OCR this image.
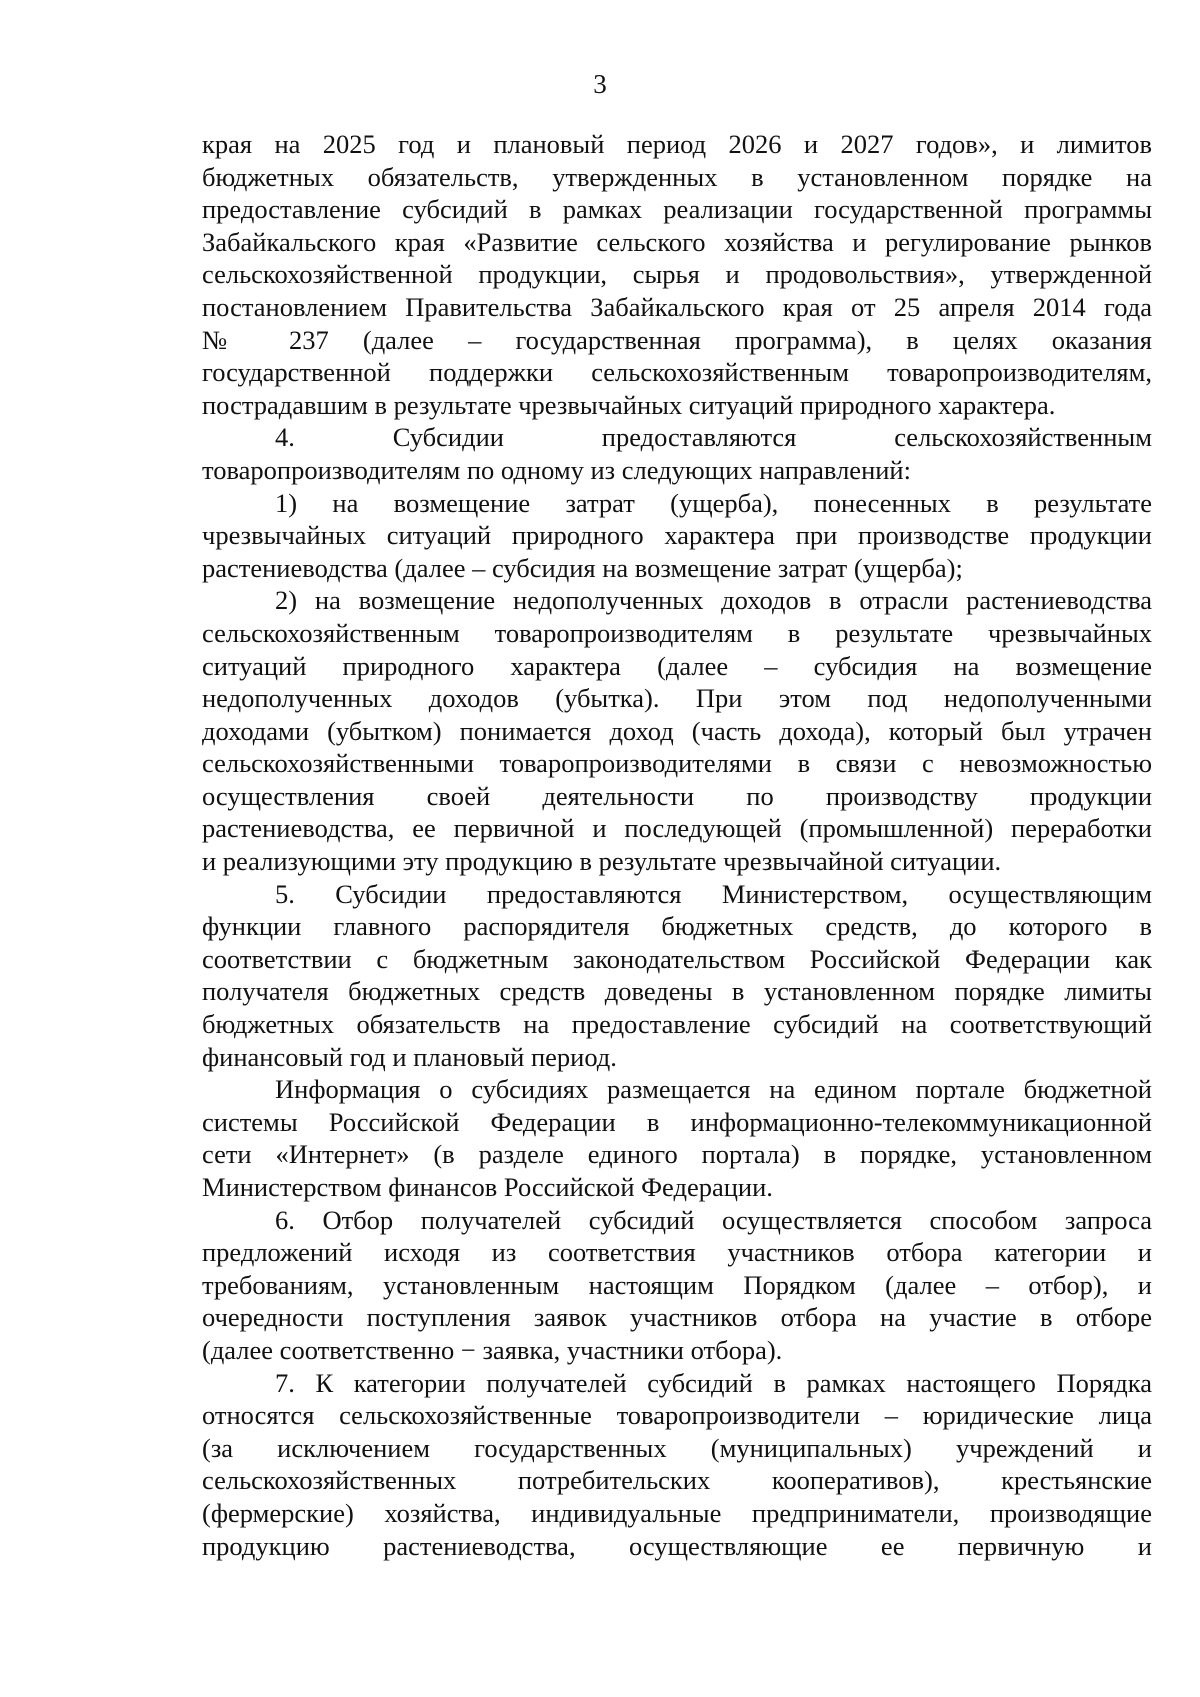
3
края на 2025 год и плановый период 2026 и 2027 годов», и лимитов
бюджетных обязательств, утвержденных в установленном порядке на
предоставление субсидий в рамках реализации государственной программы
Забайкальского края «Развитие сельского хозяйства и регулирование рынков
сельскохозяйственной продукции, сырья и продовольствия», утвержденной
постановлением Правительства Забайкальского края от 25 апреля 2014 года
№ 237 (далее – государственная программа), в целях оказания
государственной поддержки сельскохозяйственным товаропроизводителям,
пострадавшим в результате чрезвычайных ситуаций природного характера.
4. Субсидии предоставляются сельскохозяйственным
товаропроизводителям по одному из следующих направлений:
1) на возмещение затрат (ущерба), понесенных в результате
чрезвычайных ситуаций природного характера при производстве продукции
растениеводства (далее – субсидия на возмещение затрат (ущерба);
2) на возмещение недополученных доходов в отрасли растениеводства
сельскохозяйственным товаропроизводителям в результате чрезвычайных
ситуаций природного характера (далее – субсидия на возмещение
недополученных доходов (убытка). При этом под недополученными
доходами (убытком) понимается доход (часть дохода), который был утрачен
сельскохозяйственными товаропроизводителями в связи с невозможностью
осуществления своей деятельности по производству продукции
растениеводства, ее первичной и последующей (промышленной) переработки
и реализующими эту продукцию в результате чрезвычайной ситуации.
5. Субсидии предоставляются Министерством, осуществляющим
функции главного распорядителя бюджетных средств, до которого в
соответствии с бюджетным законодательством Российской Федерации как
получателя бюджетных средств доведены в установленном порядке лимиты
бюджетных обязательств на предоставление субсидий на соответствующий
финансовый год и плановый период.
Информация о субсидиях размещается на едином портале бюджетной
системы Российской Федерации в информационно-телекоммуникационной
сети «Интернет» (в разделе единого портала) в порядке, установленном
Министерством финансов Российской Федерации.
6. Отбор получателей субсидий осуществляется способом запроса
предложений исходя из соответствия участников отбора категории и
требованиям, установленным настоящим Порядком (далее – отбор), и
очередности поступления заявок участников отбора на участие в отборе
(далее соответственно − заявка, участники отбора).
7. К категории получателей субсидий в рамках настоящего Порядка
относятся сельскохозяйственные товаропроизводители – юридические лица
(за исключением государственных (муниципальных) учреждений и
сельскохозяйственных потребительских кооперативов), крестьянские
(фермерские) хозяйства, индивидуальные предприниматели, производящие
продукцию растениеводства, осуществляющие ее первичную и
